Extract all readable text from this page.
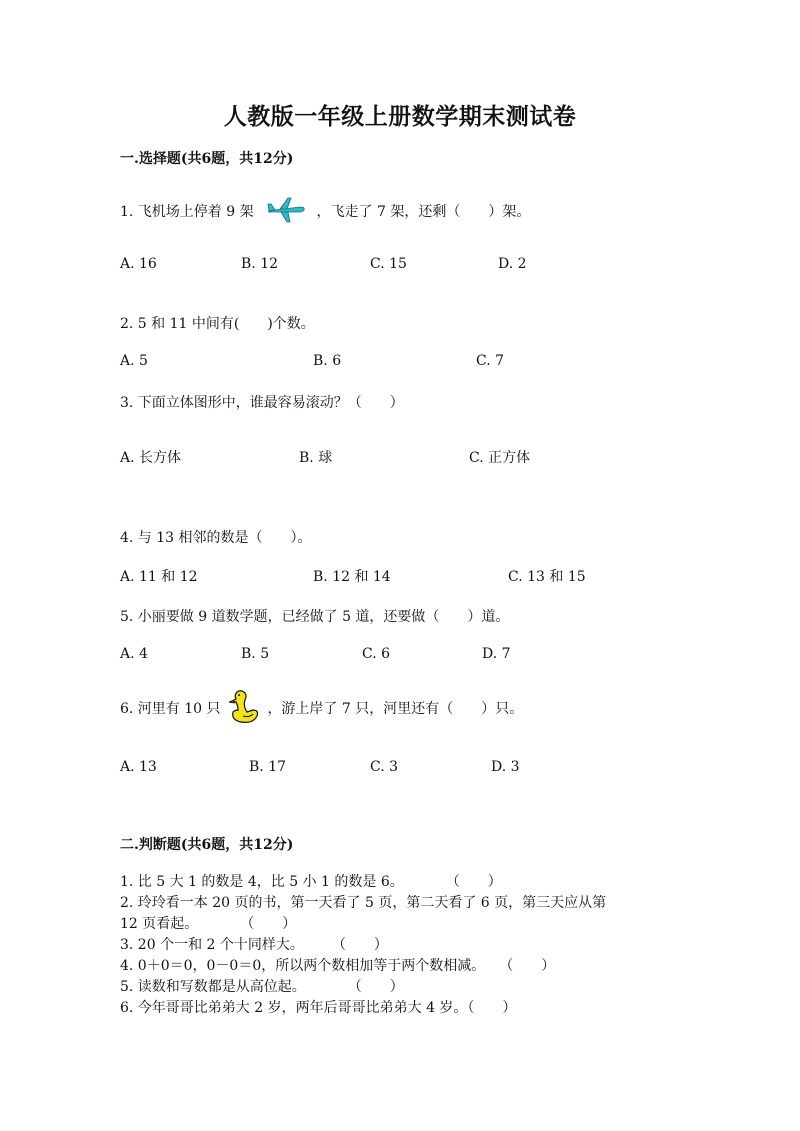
人教版一年级上册数学期末测试卷
一.选择题(共6题，共12分)
1. 飞机场上停着 9 架	，飞走了 7 架，还剩（　　）架。
A. 16	B. 12	C. 15	D. 2
2. 5 和 11 中间有(　　)个数。
A. 5	B. 6	C. 7
3. 下面立体图形中，谁最容易滚动？（　　）
A. 长方体	B. 球	C. 正方体
4. 与 13 相邻的数是（　　）。
A. 11 和 12	B. 12 和 14	C. 13 和 15
5. 小丽要做 9 道数学题，已经做了 5 道，还要做（　　）道。
A. 4	B. 5	C. 6	D. 7
6. 河里有 10 只	，游上岸了 7 只，河里还有（　　）只。
A. 13	B. 17	C. 3	D. 3
二.判断题(共6题，共12分)
1. 比 5 大 1 的数是 4，比 5 小 1 的数是 6。　　　　（　　）
2. 玲玲看一本 20 页的书，第一天看了 5 页，第二天看了 6 页，第三天应从第
12 页看起。　　　　（　　）
3. 20 个一和 2 个十同样大。　　　（　　）
4. 0＋0＝0，0－0＝0，所以两个数相加等于两个数相减。　　（　　）
5. 读数和写数都是从高位起。　　　　（　　）
6. 今年哥哥比弟弟大 2 岁，两年后哥哥比弟弟大 4 岁。（　　）
